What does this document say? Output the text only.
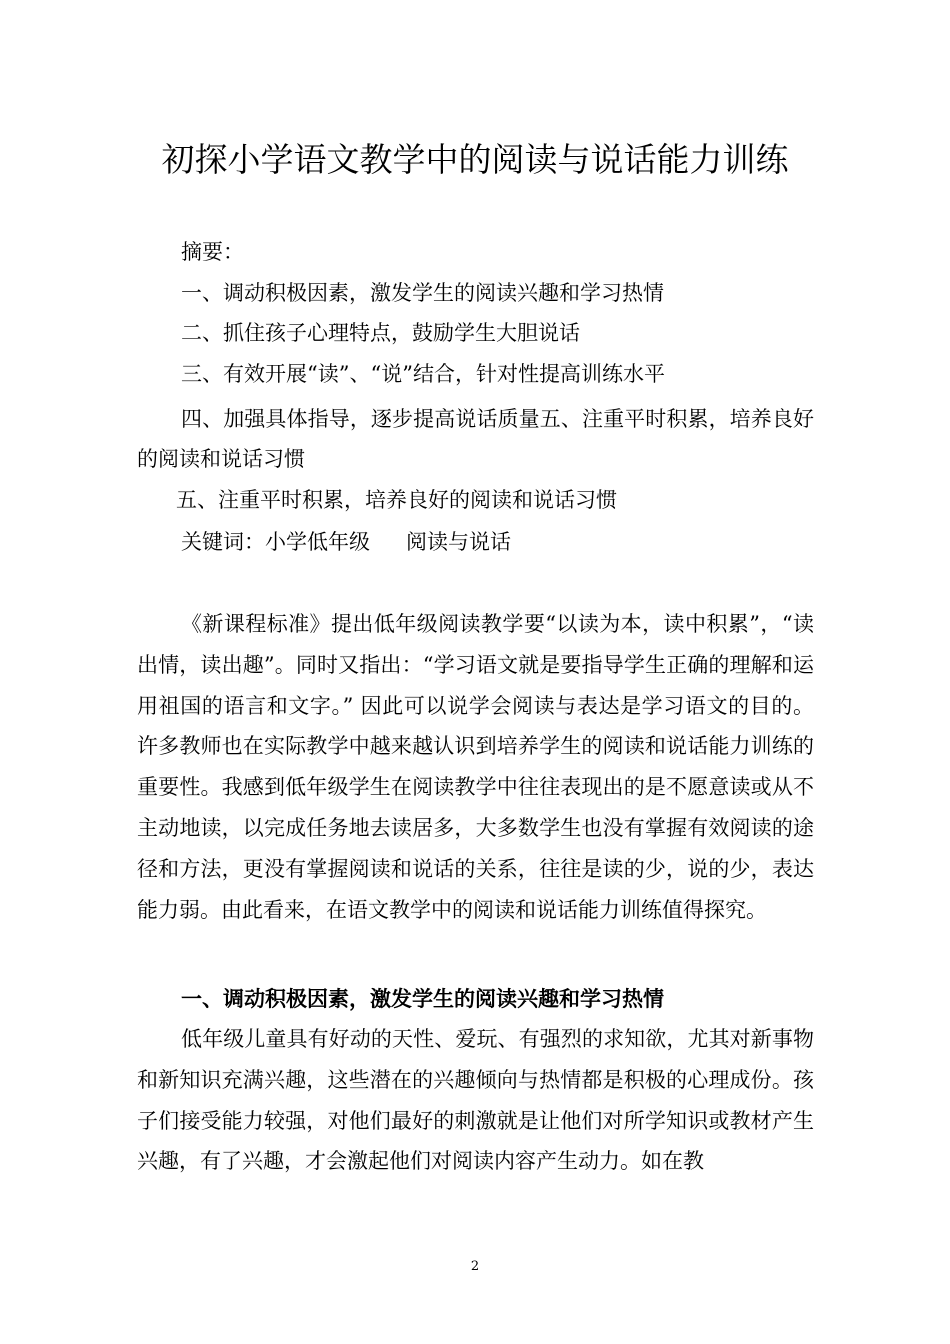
初探小学语文教学中的阅读与说话能力训练
摘要：
一、调动积极因素，激发学生的阅读兴趣和学习热情
二、抓住孩子心理特点，鼓励学生大胆说话
三、有效开展“读”、“说”结合，针对性提高训练水平
四、加强具体指导，逐步提高说话质量五、注重平时积累，培养良好的阅读和说话习惯
五、注重平时积累，培养良好的阅读和说话习惯
关键词：小学低年级 阅读与说话
《新课程标准》提出低年级阅读教学要“以读为本，读中积累”，“读出情，读出趣”。同时又指出：“学习语文就是要指导学生正确的理解和运用祖国的语言和文字。” 因此可以说学会阅读与表达是学习语文的目的。许多教师也在实际教学中越来越认识到培养学生的阅读和说话能力训练的重要性。我感到低年级学生在阅读教学中往往表现出的是不愿意读或从不主动地读，以完成任务地去读居多，大多数学生也没有掌握有效阅读的途径和方法，更没有掌握阅读和说话的关系，往往是读的少，说的少，表达能力弱。由此看来，在语文教学中的阅读和说话能力训练值得探究。
一、调动积极因素，激发学生的阅读兴趣和学习热情
低年级儿童具有好动的天性、爱玩、有强烈的求知欲，尤其对新事物和新知识充满兴趣，这些潜在的兴趣倾向与热情都是积极的心理成份。孩子们接受能力较强，对他们最好的刺激就是让他们对所学知识或教材产生兴趣，有了兴趣，才会激起他们对阅读内容产生动力。如在教
2
